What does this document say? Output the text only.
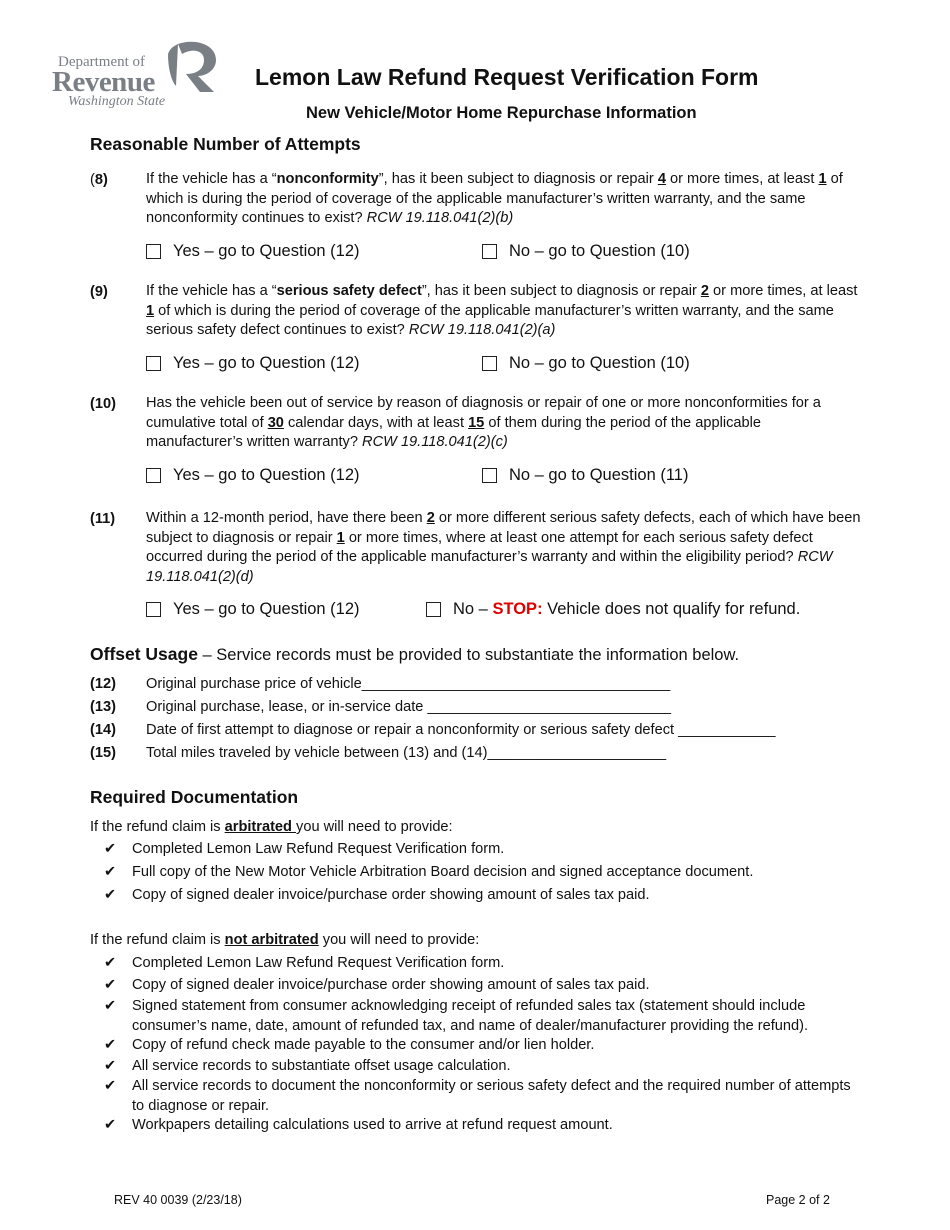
Department of
Revenue
Washington State
Lemon Law Refund Request Verification Form
New Vehicle/Motor Home Repurchase Information
Reasonable Number of Attempts
(8)	If the vehicle has a “nonconformity”, has it been subject to diagnosis or repair 4 or more times, at least 1 of which is during the period of coverage of the applicable manufacturer’s written warranty, and the same nonconformity continues to exist? RCW 19.118.041(2)(b)
Yes – go to Question (12)	No – go to Question (10)
(9)	If the vehicle has a “serious safety defect”, has it been subject to diagnosis or repair 2 or more times, at least 1 of which is during the period of coverage of the applicable manufacturer’s written warranty, and the same serious safety defect continues to exist? RCW 19.118.041(2)(a)
Yes – go to Question (12)	No – go to Question (10)
(10) Has the vehicle been out of service by reason of diagnosis or repair of one or more nonconformities for a cumulative total of 30 calendar days, with at least 15 of them during the period of the applicable manufacturer’s written warranty? RCW 19.118.041(2)(c)
Yes – go to Question (12)	No – go to Question (11)
(11) Within a 12-month period, have there been 2 or more different serious safety defects, each of which have been subject to diagnosis or repair 1 or more times, where at least one attempt for each serious safety defect occurred during the period of the applicable manufacturer’s warranty and within the eligibility period? RCW 19.118.041(2)(d)
Yes – go to Question (12)	No – STOP: Vehicle does not qualify for refund.
Offset Usage – Service records must be provided to substantiate the information below.
(12) Original purchase price of vehicle______________________________________
(13) Original purchase, lease, or in-service date ______________________________
(14) Date of first attempt to diagnose or repair a nonconformity or serious safety defect ____________
(15) Total miles traveled by vehicle between (13) and (14)______________________
Required Documentation
If the refund claim is arbitrated you will need to provide:
✔	Completed Lemon Law Refund Request Verification form.
✔	Full copy of the New Motor Vehicle Arbitration Board decision and signed acceptance document.
✔	Copy of signed dealer invoice/purchase order showing amount of sales tax paid.
If the refund claim is not arbitrated you will need to provide:
✔	Completed Lemon Law Refund Request Verification form.
✔	Copy of signed dealer invoice/purchase order showing amount of sales tax paid.
✔	Signed statement from consumer acknowledging receipt of refunded sales tax (statement should include consumer’s name, date, amount of refunded tax, and name of dealer/manufacturer providing the refund).
✔	Copy of refund check made payable to the consumer and/or lien holder.
✔	All service records to substantiate offset usage calculation.
✔	All service records to document the nonconformity or serious safety defect and the required number of attempts to diagnose or repair.
✔	Workpapers detailing calculations used to arrive at refund request amount.
REV 40 0039 (2/23/18)	Page 2 of 2
